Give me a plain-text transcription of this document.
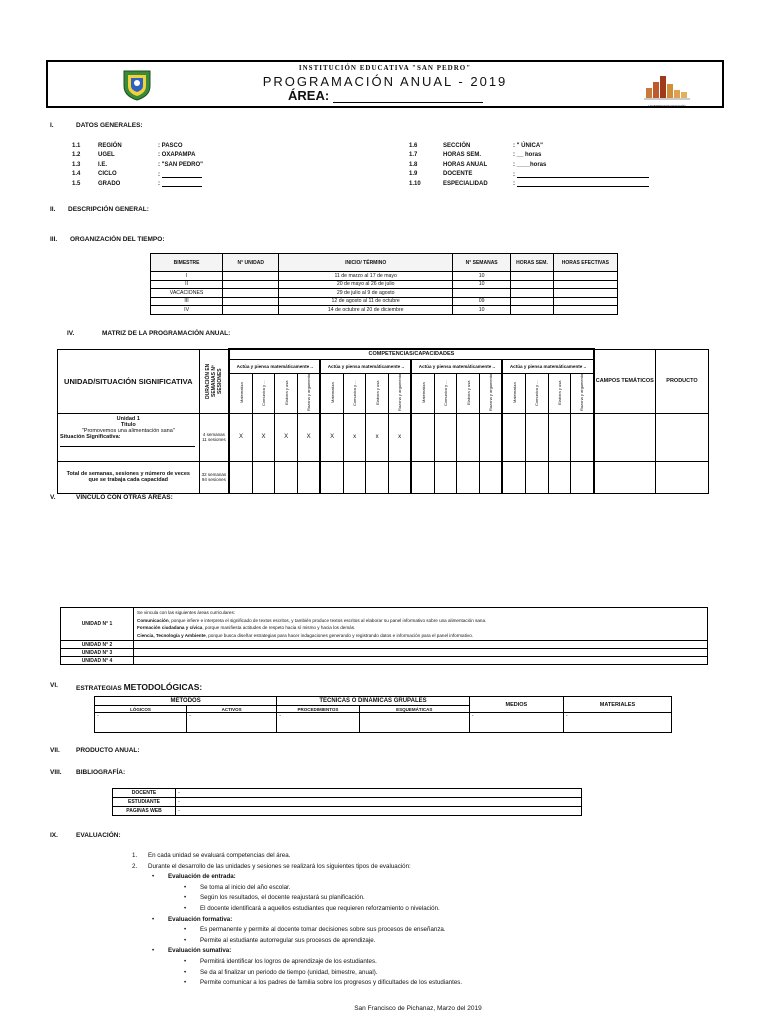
INSTITUCIÓN EDUCATIVA "SAN PEDRO"
PROGRAMACIÓN ANUAL - 2019
ÁREA:
UNIVERSIDAD DE EDUCACIÓN
I.	DATOS GENERALES:
1.1	REGIÓN	: PASCO
1.2	UGEL	: OXAPAMPA
1.3	I.E.	: "SAN PEDRO"
1.4	CICLO	:
1.5	GRADO	:
1.6	SECCIÓN	: " ÚNICA"
1.7	HORAS SEM.	: __ horas
1.8	HORAS ANUAL	: ____horas
1.9	DOCENTE	:
1.10	ESPECIALIDAD	:
II. DESCRIPCIÓN GENERAL:
III. ORGANIZACIÓN DEL TIEMPO:
BIMESTRE	N° UNIDAD	INICIO/ TÉRMINO	N° SEMANAS	HORAS SEM.	HORAS EFECTIVAS
I		11 de marzo al 17 de mayo	10		
II		20 de mayo al 26 de julio	10		
VACACIONES		29 de julio al 9 de agosto			
III		12 de agosto al 11 de octubre	09		
IV		14 de octubre al 20 de diciembre	10		
IV.	MATRIZ DE LA PROGRAMACIÓN ANUAL:
UNIDAD/SITUACIÓN SIGNIFICATIVA	DURACIÓN EN SEMANAS Nº SESIONES	COMPETENCIAS/CAPACIDADES																CAMPOS TEMÁTICOS	PRODUCTO
		Actúa y piensa matemáticamente ..				Actúa y piensa matemáticamente ..				Actúa y piensa matemáticamente ..				Actúa y piensa matemáticamente ..					

		Matematiza	Comunica y ...	Elabora y usa	Razona y argumenta	Matematiza	Comunica y ...	Elabora y usa	Razona y argumenta	Matematiza	Comunica y ...	Elabora y usa	Razona y argumenta	Matematiza	Comunica y ...	Elabora y usa	Razona y argumenta		

Unidad 1
Titulo
"Promovemos una alimentación sana"
Situación Significativa:	4 semanas 11 sesiones	X	X	X	X	X	x	x	x										
Total de semanas, sesiones y número de veces que se trabaja cada capacidad	32 semanas 94 sesiones																		
V.	VINCULO CON OTRAS ÁREAS:
UNIDAD N° 1	Se vincula con las siguientes áreas curriculares:
Comunicación, porque infiere e interpreta el significado de textos escritos, y también produce textos escritos al elaborar su panel informativo sobre una alimentación sana.
Formación ciudadana y cívica, porque manifiesta actitudes de respeto hacia sí mismo y hacia los demás.
Ciencia, Tecnología y Ambiente, porque busca diseñar estrategias para hacer indagaciones generando y registrando datos e información para el panel informativo.

UNIDAD N° 2	
UNIDAD N° 3	
UNIDAD N° 4	
VI.	ESTRATEGIAS METODOLÓGICAS:
MÉTODOS		TÉCNICAS O DINÁMICAS GRUPALES		MEDIOS	MATERIALES
LÓGICOS	ACTIVOS	PROCEDIMIENTOS	ESQUEMÁTICAS		
-	-	-		-	-
VII. PRODUCTO ANUAL:
VIII. BIBLIOGRAFÍA:
DOCENTE	-
ESTUDIANTE	-
PAGINAS WEB	-
IX.	EVALUACIÓN:
1. En cada unidad se evaluará competencias del área.
2. Durante el desarrollo de las unidades y sesiones se realizará los siguientes tipos de evaluación:
• Evaluación de entrada:
• Se toma al inicio del año escolar.
• Según los resultados, el docente reajustará su planificación.
• El docente identificará a aquellos estudiantes que requieren reforzamiento o nivelación.
• Evaluación formativa:
• Es permanente y permite al docente tomar decisiones sobre sus procesos de enseñanza.
• Permite al estudiante autorregular sus procesos de aprendizaje.
• Evaluación sumativa:
• Permitirá identificar los logros de aprendizaje de los estudiantes.
• Se da al finalizar un periodo de tiempo (unidad, bimestre, anual).
• Permite comunicar a los padres de familia sobre los progresos y dificultades de los estudiantes.
San Francisco de Pichanaz, Marzo del 2019
